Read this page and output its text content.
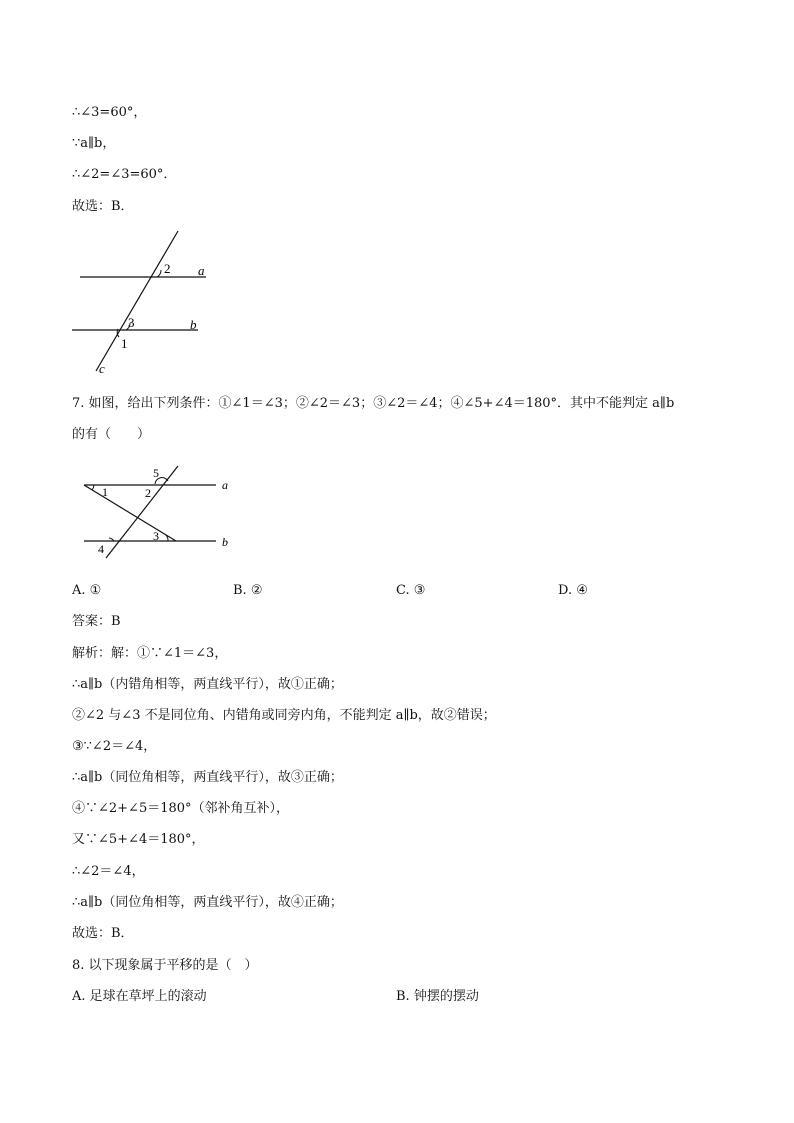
∴∠3=60°，
∵a∥b，
∴∠2=∠3=60°．
故选：B．
2 a
3	b
1
c
7. 如图，给出下列条件：①∠1＝∠3；②∠2＝∠3；③∠2＝∠4；④∠5+∠4＝180°．其中不能判定 a∥b
的有（　　）
5
1	2
a
3
4	b
A. ①	B. ②	C. ③	D. ④
答案：B
解析：解：①∵∠1＝∠3，
∴a∥b（内错角相等，两直线平行），故①正确；
②∠2 与∠3 不是同位角、内错角或同旁内角，不能判定 a∥b，故②错误；
③∵∠2＝∠4，
∴a∥b（同位角相等，两直线平行），故③正确；
④∵∠2+∠5＝180°（邻补角互补），
又∵∠5+∠4＝180°，
∴∠2＝∠4，
∴a∥b（同位角相等，两直线平行），故④正确；
故选：B．
8. 以下现象属于平移的是（　）
A. 足球在草坪上的滚动	B. 钟摆的摆动
